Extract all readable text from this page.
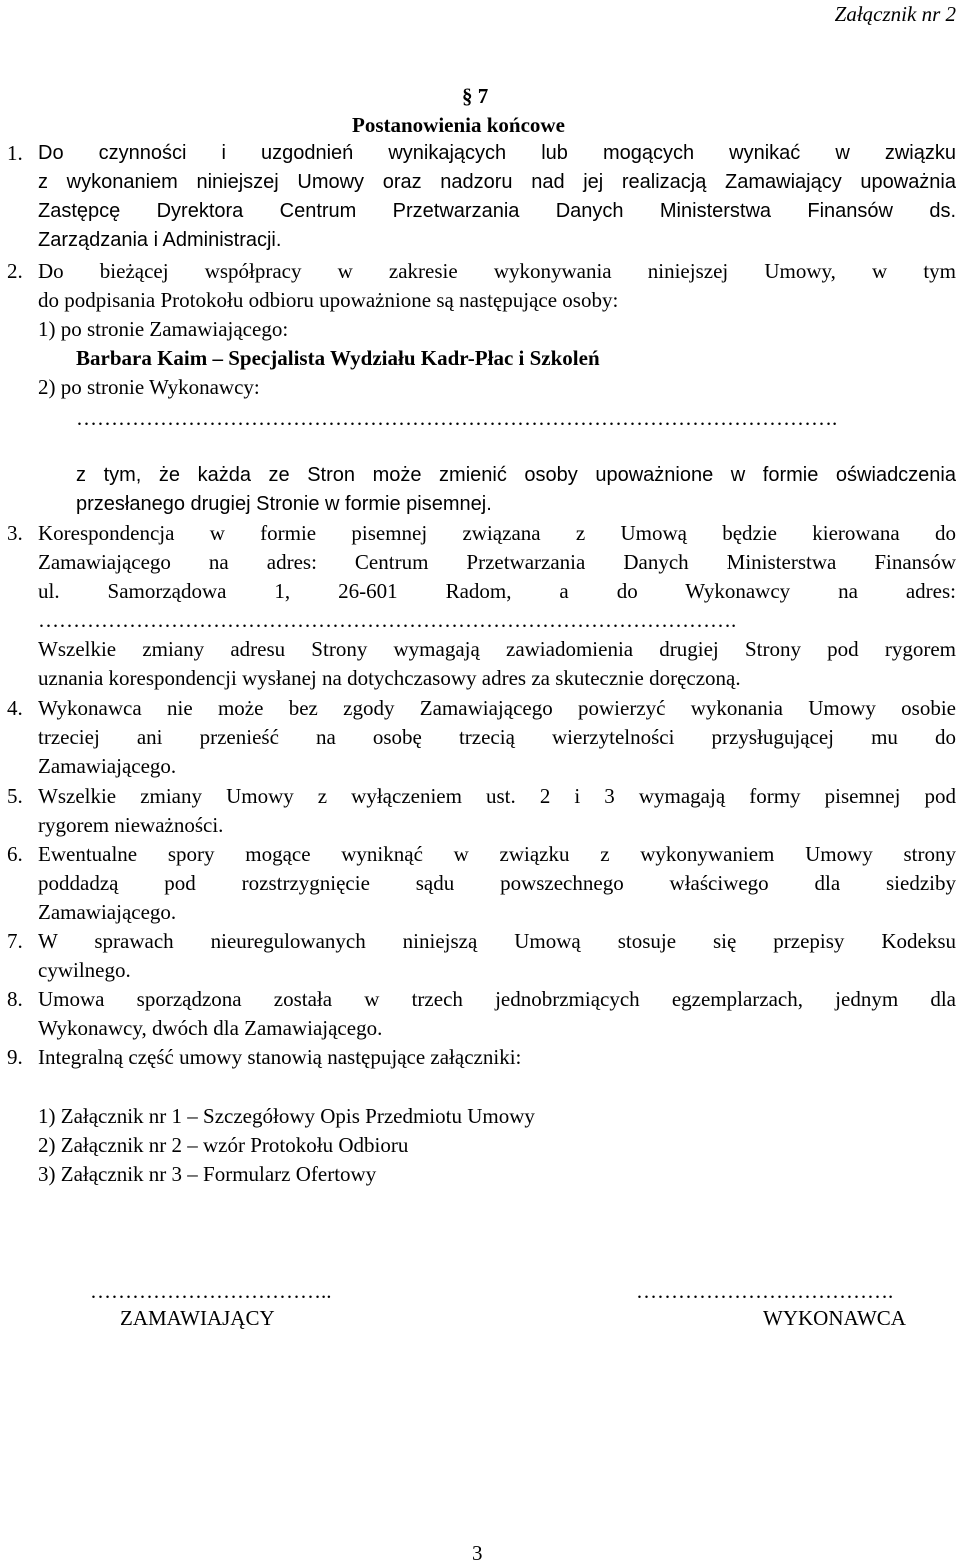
Załącznik nr 2
§ 7
Postanowienia końcowe
1. Do czynności i uzgodnień wynikających lub mogących wynikać w związku
z wykonaniem niniejszej Umowy oraz nadzoru nad jej realizacją Zamawiający upoważnia
Zastępcę Dyrektora Centrum Przetwarzania Danych Ministerstwa Finansów ds.
Zarządzania i Administracji.
2. Do bieżącej współpracy w zakresie wykonywania niniejszej Umowy, w tym
do podpisania Protokołu odbioru upoważnione są następujące osoby:
1) po stronie Zamawiającego:
Barbara Kaim – Specjalista Wydziału Kadr-Płac i Szkoleń
2) po stronie Wykonawcy:
……………………………………………………………………………………………….
z tym, że każda ze Stron może zmienić osoby upoważnione w formie oświadczenia
przesłanego drugiej Stronie w formie pisemnej.
3. Korespondencja w formie pisemnej związana z Umową będzie kierowana do
Zamawiającego na adres: Centrum Przetwarzania Danych Ministerstwa Finansów
ul. Samorządowa 1, 26-601 Radom, a do Wykonawcy na adres:
……………………………………………………………………………………….
Wszelkie zmiany adresu Strony wymagają zawiadomienia drugiej Strony pod rygorem
uznania korespondencji wysłanej na dotychczasowy adres za skutecznie doręczoną.
4. Wykonawca nie może bez zgody Zamawiającego powierzyć wykonania Umowy osobie
trzeciej ani przenieść na osobę trzecią wierzytelności przysługującej mu do
Zamawiającego.
5. Wszelkie zmiany Umowy z wyłączeniem ust. 2 i 3 wymagają formy pisemnej pod
rygorem nieważności.
6. Ewentualne spory mogące wyniknąć w związku z wykonywaniem Umowy strony
poddadzą pod rozstrzygnięcie sądu powszechnego właściwego dla siedziby
Zamawiającego.
7. W sprawach nieuregulowanych niniejszą Umową stosuje się przepisy Kodeksu
cywilnego.
8. Umowa sporządzona została w trzech jednobrzmiących egzemplarzach, jednym dla
Wykonawcy, dwóch dla Zamawiającego.
9. Integralną część umowy stanowią następujące załączniki:
1) Załącznik nr 1 – Szczegółowy Opis Przedmiotu Umowy
2) Załącznik nr 2 – wzór Protokołu Odbioru
3) Załącznik nr 3 – Formularz Ofertowy
……………………………..
ZAMAWIAJĄCY
……………………………….
WYKONAWCA
3
